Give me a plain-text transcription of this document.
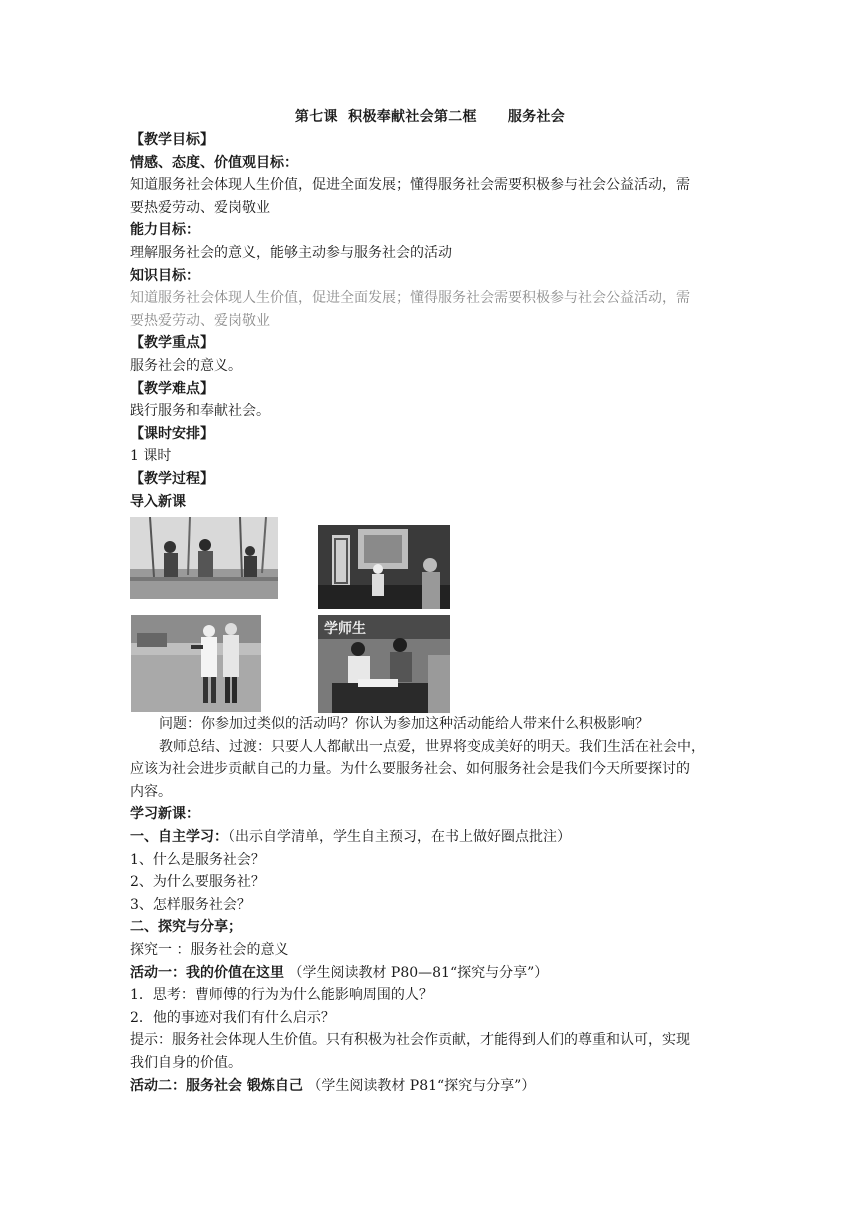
第七课  积极奉献社会第二框      服务社会

【教学目标】

情感、态度、价值观目标：

知道服务社会体现人生价值，促进全面发展；懂得服务社会需要积极参与社会公益活动，需

要热爱劳动、爱岗敬业

能力目标：

理解服务社会的意义，能够主动参与服务社会的活动

知识目标：

知道服务社会体现人生价值，促进全面发展；懂得服务社会需要积极参与社会公益活动，需

要热爱劳动、爱岗敬业

【教学重点】

服务社会的意义。

【教学难点】

践行服务和奉献社会。

【课时安排】

1 课时

【教学过程】

导入新课

学师生

问题：你参加过类似的活动吗？你认为参加这种活动能给人带来什么积极影响？

教师总结、过渡：只要人人都献出一点爱，世界将变成美好的明天。我们生活在社会中，

应该为社会进步贡献自己的力量。为什么要服务社会、如何服务社会是我们今天所要探讨的

内容。

学习新课：

一、自主学习：（出示自学清单，学生自主预习，在书上做好圈点批注）

1、什么是服务社会？

2、为什么要服务社？

3、怎样服务社会？

二、探究与分享；

探究一 ：服务社会的意义

活动一：我的价值在这里 （学生阅读教材 P80—81“探究与分享”）

1．思考：曹师傅的行为为什么能影响周围的人？

2．他的事迹对我们有什么启示？

提示：服务社会体现人生价值。只有积极为社会作贡献，才能得到人们的尊重和认可，实现

我们自身的价值。

活动二：服务社会 锻炼自己 （学生阅读教材 P81“探究与分享”）
